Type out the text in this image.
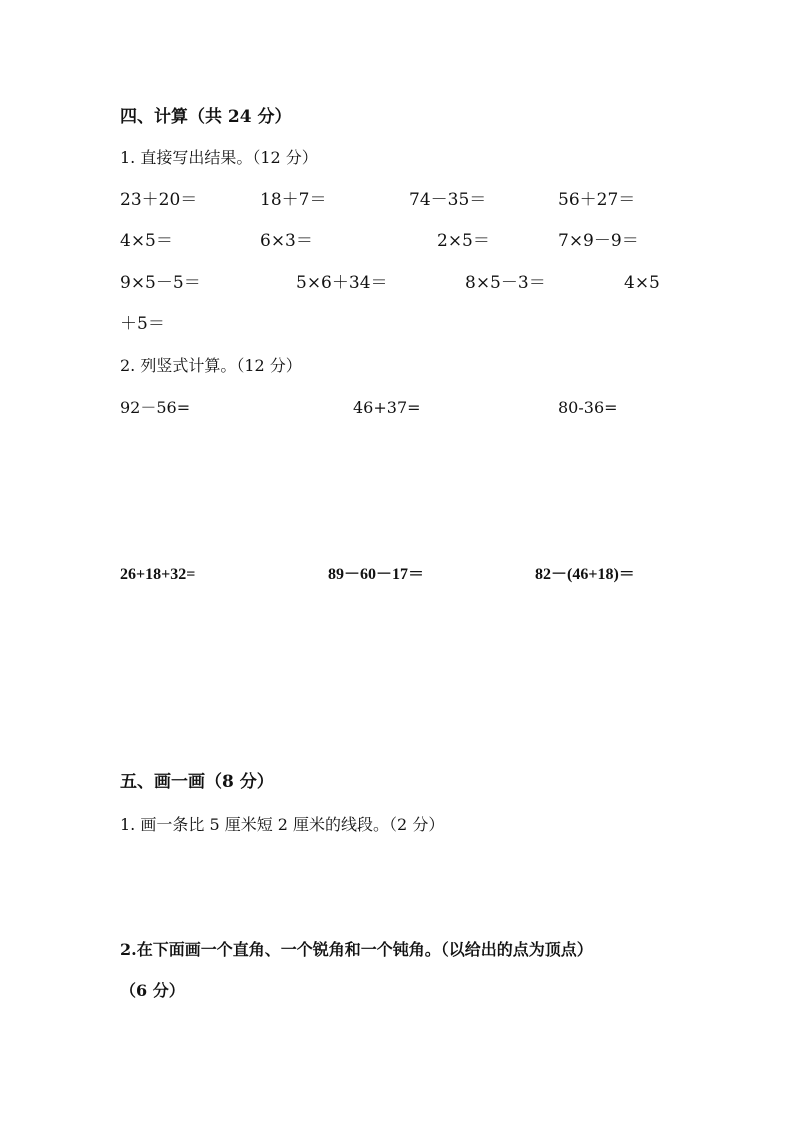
四、计算（共 24 分）
1. 直接写出结果。（12 分）
23＋20＝	18＋7＝	74－35＝	56＋27＝
4×5＝	6×3＝	2×5＝	7×9－9＝
9×5－5＝	5×6＋34＝	8×5－3＝	4×5
＋5＝
2. 列竖式计算。（12 分）
92－56=	46+37=	80-36=
26+18+32=	89－60－17＝	82－(46+18)＝
五、画一画（8 分）
1. 画一条比 5 厘米短 2 厘米的线段。（2 分）
2.在下面画一个直角、一个锐角和一个钝角。（以给出的点为顶点）
（6 分）
